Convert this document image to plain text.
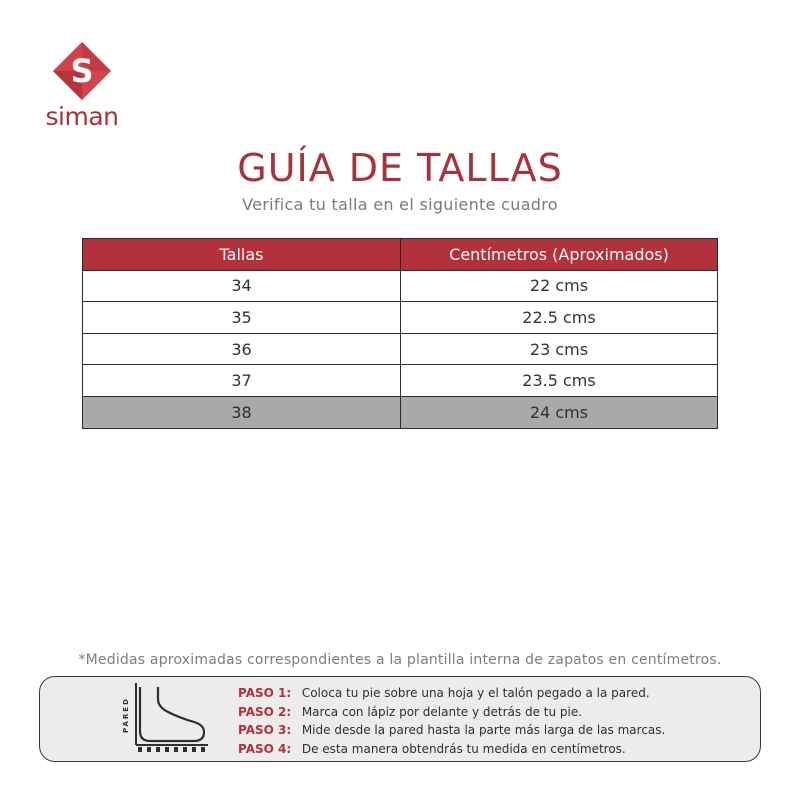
S
siman
GUÍA DE TALLAS
Verifica tu talla en el siguiente cuadro
Tallas	Centímetros (Aproximados)
34	22 cms
35	22.5 cms
36	23 cms
37	23.5 cms
38	24 cms
*Medidas aproximadas correspondientes a la plantilla interna de zapatos en centímetros.
PARED
PASO 1: Coloca tu pie sobre una hoja y el talón pegado a la pared.
PASO 2: Marca con lápiz por delante y detrás de tu pie.
PASO 3: Mide desde la pared hasta la parte más larga de las marcas.
PASO 4: De esta manera obtendrás tu medida en centímetros.
